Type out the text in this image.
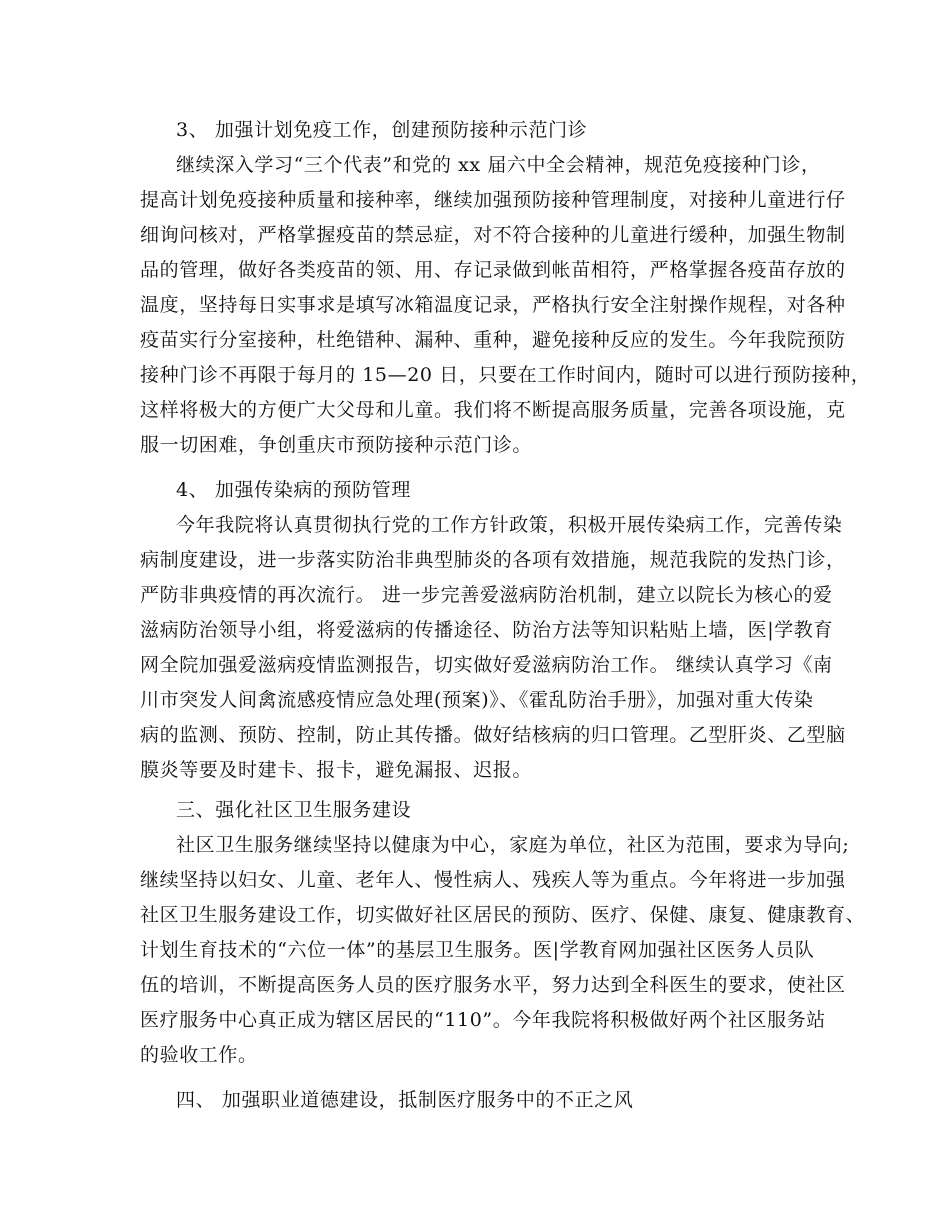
3、 加强计划免疫工作，创建预防接种示范门诊
继续深入学习“三个代表”和党的 xx 届六中全会精神，规范免疫接种门诊，
提高计划免疫接种质量和接种率，继续加强预防接种管理制度，对接种儿童进行仔
细询问核对，严格掌握疫苗的禁忌症，对不符合接种的儿童进行缓种，加强生物制
品的管理，做好各类疫苗的领、用、存记录做到帐苗相符，严格掌握各疫苗存放的
温度，坚持每日实事求是填写冰箱温度记录，严格执行安全注射操作规程，对各种
疫苗实行分室接种，杜绝错种、漏种、重种，避免接种反应的发生。今年我院预防
接种门诊不再限于每月的 15—20 日，只要在工作时间内，随时可以进行预防接种，
这样将极大的方便广大父母和儿童。我们将不断提高服务质量，完善各项设施，克
服一切困难，争创重庆市预防接种示范门诊。
4、 加强传染病的预防管理
今年我院将认真贯彻执行党的工作方针政策，积极开展传染病工作，完善传染
病制度建设，进一步落实防治非典型肺炎的各项有效措施，规范我院的发热门诊，
严防非典疫情的再次流行。 进一步完善爱滋病防治机制，建立以院长为核心的爱
滋病防治领导小组，将爱滋病的传播途径、防治方法等知识粘贴上墙，医|学教育
网全院加强爱滋病疫情监测报告，切实做好爱滋病防治工作。 继续认真学习《南
川市突发人间禽流感疫情应急处理(预案)》、《霍乱防治手册》，加强对重大传染
病的监测、预防、控制，防止其传播。做好结核病的归口管理。乙型肝炎、乙型脑
膜炎等要及时建卡、报卡，避免漏报、迟报。
三、强化社区卫生服务建设
社区卫生服务继续坚持以健康为中心，家庭为单位，社区为范围，要求为导向;
继续坚持以妇女、儿童、老年人、慢性病人、残疾人等为重点。今年将进一步加强
社区卫生服务建设工作，切实做好社区居民的预防、医疗、保健、康复、健康教育、
计划生育技术的“六位一体”的基层卫生服务。医|学教育网加强社区医务人员队
伍的培训，不断提高医务人员的医疗服务水平，努力达到全科医生的要求，使社区
医疗服务中心真正成为辖区居民的“110”。今年我院将积极做好两个社区服务站
的验收工作。
四、 加强职业道德建设，抵制医疗服务中的不正之风
